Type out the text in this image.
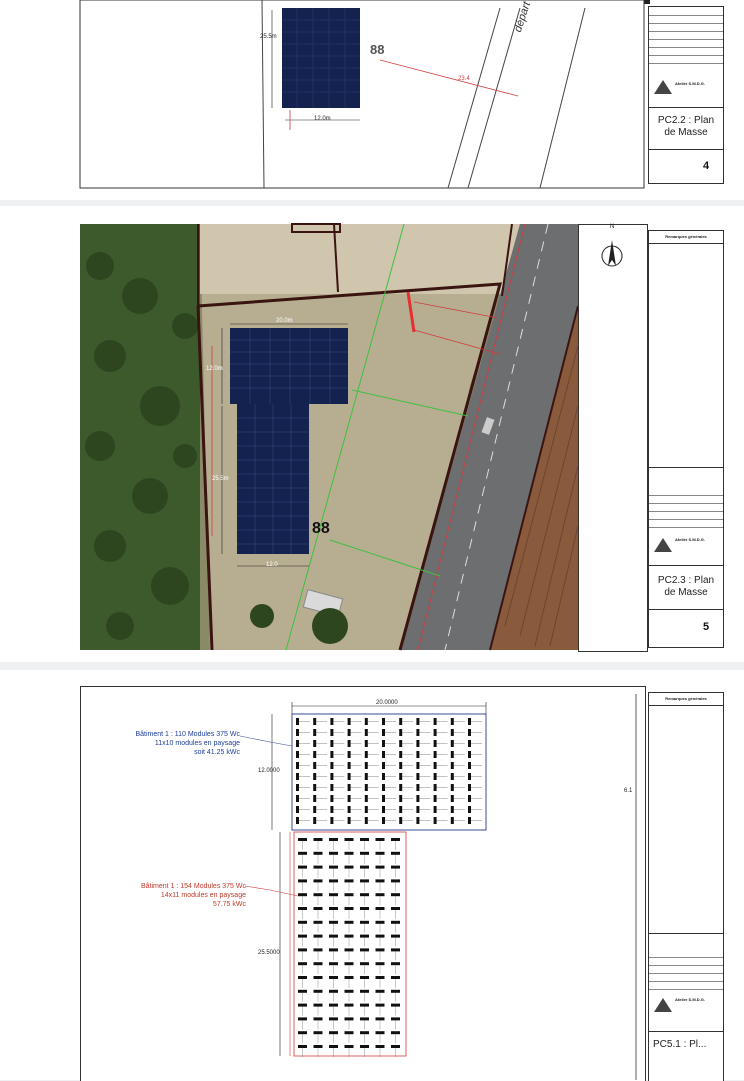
25.5m
12.0m
88
23.4
départ
Atelier S.M.D.G.
PC2.2 : Plan de Masse
4
20.0m
12.0m
25.5m
12.0
88
N
Remarques générales
Atelier S.M.D.G.
PC2.3 : Plan de Masse
5
20.0000
12.0000
25.5000
6.1
Bâtiment 1 : 110 Modules 375 Wc
11x10 modules en paysage
soit 41.25 kWc
Bâtiment 1 : 154 Modules 375 Wc
14x11 modules en paysage
57.75 kWc
Remarques générales
Atelier S.M.D.G.
PC5.1 : Pl...
